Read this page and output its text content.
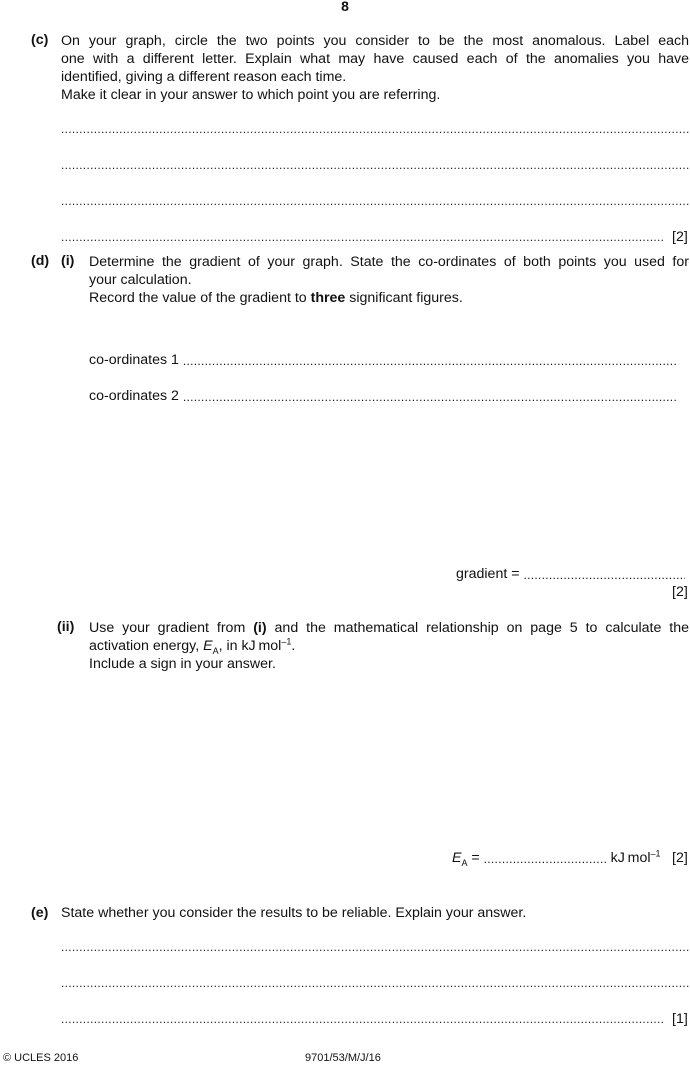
8
(c) On your graph, circle the two points you consider to be the most anomalous. Label each
one with a different letter. Explain what may have caused each of the anomalies you have
identified, giving a different reason each time.
Make it clear in your answer to which point you are referring.
.....
.....
.....
.....
[2]
(d) (i) Determine the gradient of your graph. State the co-ordinates of both points you used for
your calculation.
Record the value of the gradient to three significant figures.
co-ordinates 1 .....
co-ordinates 2 .....
gradient = .....
[2]
(ii) Use your gradient from (i) and the mathematical relationship on page 5 to calculate the
activation energy, $E_A$, in kJ mol$^{-1}$.
Include a sign in your answer.
$E_A$ = .....	kJ mol$^{-1}$ [2]
(e) State whether you consider the results to be reliable. Explain your answer.
.....
.....
.....
[1]
© UCLES 2016	9701/53/M/J/16
